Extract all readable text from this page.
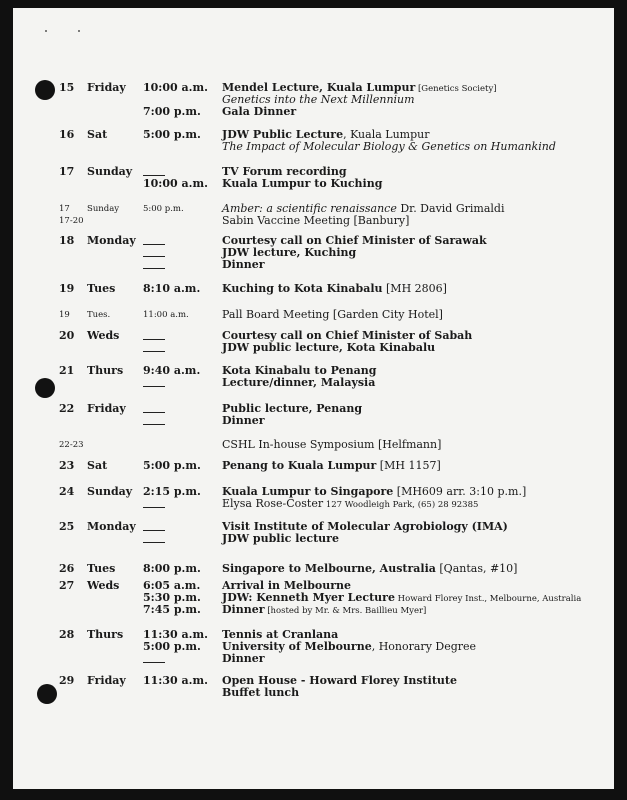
15 Friday 10:00 a.m. Mendel Lecture, Kuala Lumpur [Genetics Society]
Genetics into the Next Millennium
7:00 p.m. Gala Dinner
16 Sat	5:00 p.m. JDW Public Lecture, Kuala Lumpur
The Impact of Molecular Biology & Genetics on Humankind
17 Sunday	TV Forum recording
10:00 a.m. Kuala Lumpur to Kuching
17 Sunday	5:00 p.m.	Amber: a scientific renaissance Dr. David Grimaldi
17-20	Sabin Vaccine Meeting [Banbury]
18 Monday	Courtesy call on Chief Minister of Sarawak
JDW lecture, Kuching
Dinner
19 Tues	8:10 a.m. Kuching to Kota Kinabalu [MH 2806]
19 Tues.	11:00 a.m.	Pall Board Meeting [Garden City Hotel]
20 Weds	Courtesy call on Chief Minister of Sabah
JDW public lecture, Kota Kinabalu
21 Thurs 9:40 a.m. Kota Kinabalu to Penang
Lecture/dinner, Malaysia
22 Friday	Public lecture, Penang
Dinner
22-23	CSHL In-house Symposium [Helfmann]
23 Sat	5:00 p.m. Penang to Kuala Lumpur [MH 1157]
24 Sunday 2:15 p.m. Kuala Lumpur to Singapore [MH609 arr. 3:10 p.m.]
Elysa Rose-Coster 127 Woodleigh Park, (65) 28 92385
25 Monday	Visit Institute of Molecular Agrobiology (IMA)
JDW public lecture
26 Tues	8:00 p.m. Singapore to Melbourne, Australia [Qantas, #10]
27 Weds 6:05 a.m. Arrival in Melbourne
5:30 p.m. JDW: Kenneth Myer Lecture Howard Florey Inst., Melbourne, Australia
7:45 p.m. Dinner [hosted by Mr. & Mrs. Baillieu Myer]
28 Thurs 11:30 a.m. Tennis at Cranlana
5:00 p.m. University of Melbourne, Honorary Degree
Dinner
29 Friday 11:30 a.m. Open House - Howard Florey Institute
Buffet lunch
